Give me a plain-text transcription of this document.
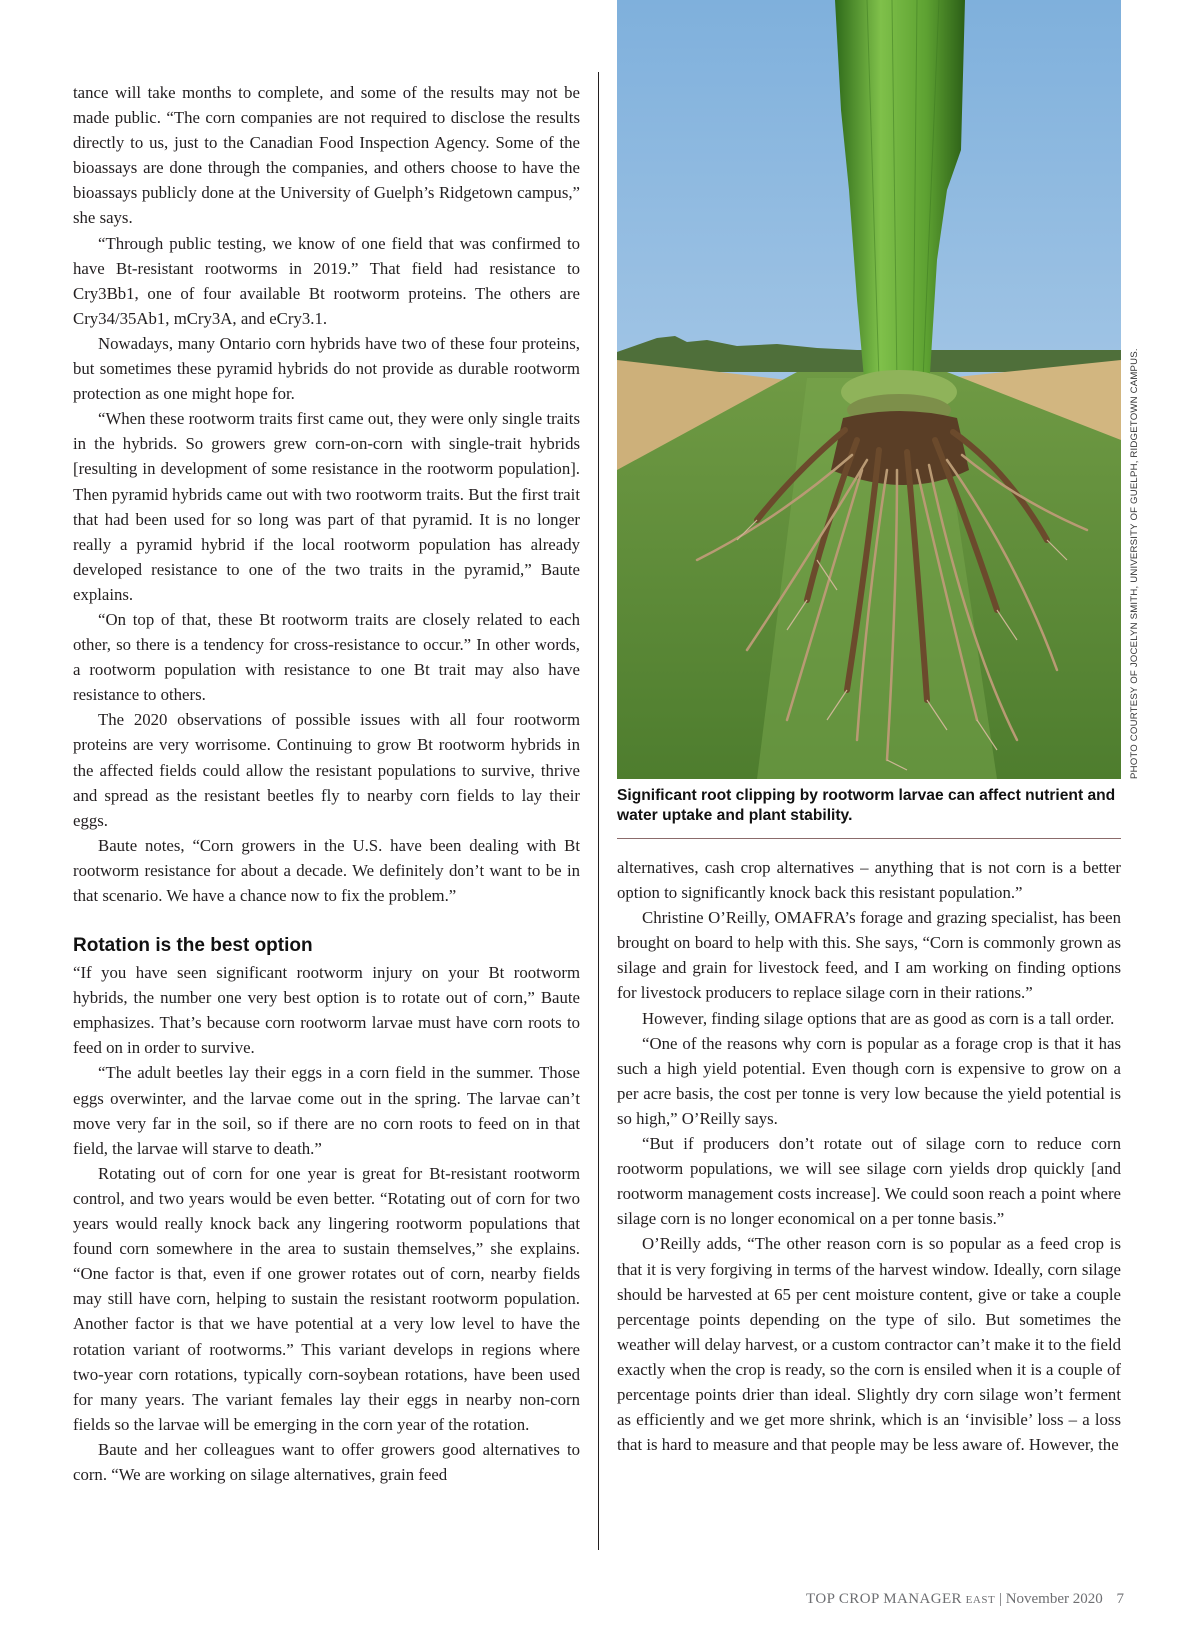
tance will take months to complete, and some of the results may not be made public. “The corn companies are not required to disclose the results directly to us, just to the Canadian Food Inspection Agency. Some of the bioassays are done through the companies, and others choose to have the bioassays publicly done at the University of Guelph’s Ridgetown campus,” she says.

“Through public testing, we know of one field that was confirmed to have Bt-resistant rootworms in 2019.” That field had resistance to Cry3Bb1, one of four available Bt rootworm proteins. The others are Cry34/35Ab1, mCry3A, and eCry3.1.

Nowadays, many Ontario corn hybrids have two of these four proteins, but sometimes these pyramid hybrids do not provide as durable rootworm protection as one might hope for.

“When these rootworm traits first came out, they were only single traits in the hybrids. So growers grew corn-on-corn with single-trait hybrids [resulting in development of some resistance in the rootworm population]. Then pyramid hybrids came out with two rootworm traits. But the first trait that had been used for so long was part of that pyramid. It is no longer really a pyramid hybrid if the local rootworm population has already developed resistance to one of the two traits in the pyramid,” Baute explains.

“On top of that, these Bt rootworm traits are closely related to each other, so there is a tendency for cross-resistance to occur.” In other words, a rootworm population with resistance to one Bt trait may also have resistance to others.

The 2020 observations of possible issues with all four rootworm proteins are very worrisome. Continuing to grow Bt rootworm hybrids in the affected fields could allow the resistant populations to survive, thrive and spread as the resistant beetles fly to nearby corn fields to lay their eggs.

Baute notes, “Corn growers in the U.S. have been dealing with Bt rootworm resistance for about a decade. We definitely don’t want to be in that scenario. We have a chance now to fix the problem.”

Rotation is the best option

“If you have seen significant rootworm injury on your Bt rootworm hybrids, the number one very best option is to rotate out of corn,” Baute emphasizes. That’s because corn rootworm larvae must have corn roots to feed on in order to survive.

“The adult beetles lay their eggs in a corn field in the summer. Those eggs overwinter, and the larvae come out in the spring. The larvae can’t move very far in the soil, so if there are no corn roots to feed on in that field, the larvae will starve to death.”

Rotating out of corn for one year is great for Bt-resistant rootworm control, and two years would be even better. “Rotating out of corn for two years would really knock back any lingering rootworm populations that found corn somewhere in the area to sustain themselves,” she explains. “One factor is that, even if one grower rotates out of corn, nearby fields may still have corn, helping to sustain the resistant rootworm population. Another factor is that we have potential at a very low level to have the rotation variant of rootworms.” This variant develops in regions where two-year corn rotations, typically corn-soybean rotations, have been used for many years. The variant females lay their eggs in nearby non-corn fields so the larvae will be emerging in the corn year of the rotation.

Baute and her colleagues want to offer growers good alternatives to corn. “We are working on silage alternatives, grain feed

PHOTO COURTESY OF JOCELYN SMITH, UNIVERSITY OF GUELPH, RIDGETOWN CAMPUS.
Significant root clipping by rootworm larvae can affect nutrient and water uptake and plant stability.

alternatives, cash crop alternatives – anything that is not corn is a better option to significantly knock back this resistant population.”

Christine O’Reilly, OMAFRA’s forage and grazing specialist, has been brought on board to help with this. She says, “Corn is commonly grown as silage and grain for livestock feed, and I am working on finding options for livestock producers to replace silage corn in their rations.”

However, finding silage options that are as good as corn is a tall order.

“One of the reasons why corn is popular as a forage crop is that it has such a high yield potential. Even though corn is expensive to grow on a per acre basis, the cost per tonne is very low because the yield potential is so high,” O’Reilly says.

“But if producers don’t rotate out of silage corn to reduce corn rootworm populations, we will see silage corn yields drop quickly [and rootworm management costs increase]. We could soon reach a point where silage corn is no longer economical on a per tonne basis.”

O’Reilly adds, “The other reason corn is so popular as a feed crop is that it is very forgiving in terms of the harvest window. Ideally, corn silage should be harvested at 65 per cent moisture content, give or take a couple percentage points depending on the type of silo. But sometimes the weather will delay harvest, or a custom contractor can’t make it to the field exactly when the crop is ready, so the corn is ensiled when it is a couple of percentage points drier than ideal. Slightly dry corn silage won’t ferment as efficiently and we get more shrink, which is an ‘invisible’ loss – a loss that is hard to measure and that people may be less aware of. However, the

TOP CROP MANAGER EAST | November 2020 7
